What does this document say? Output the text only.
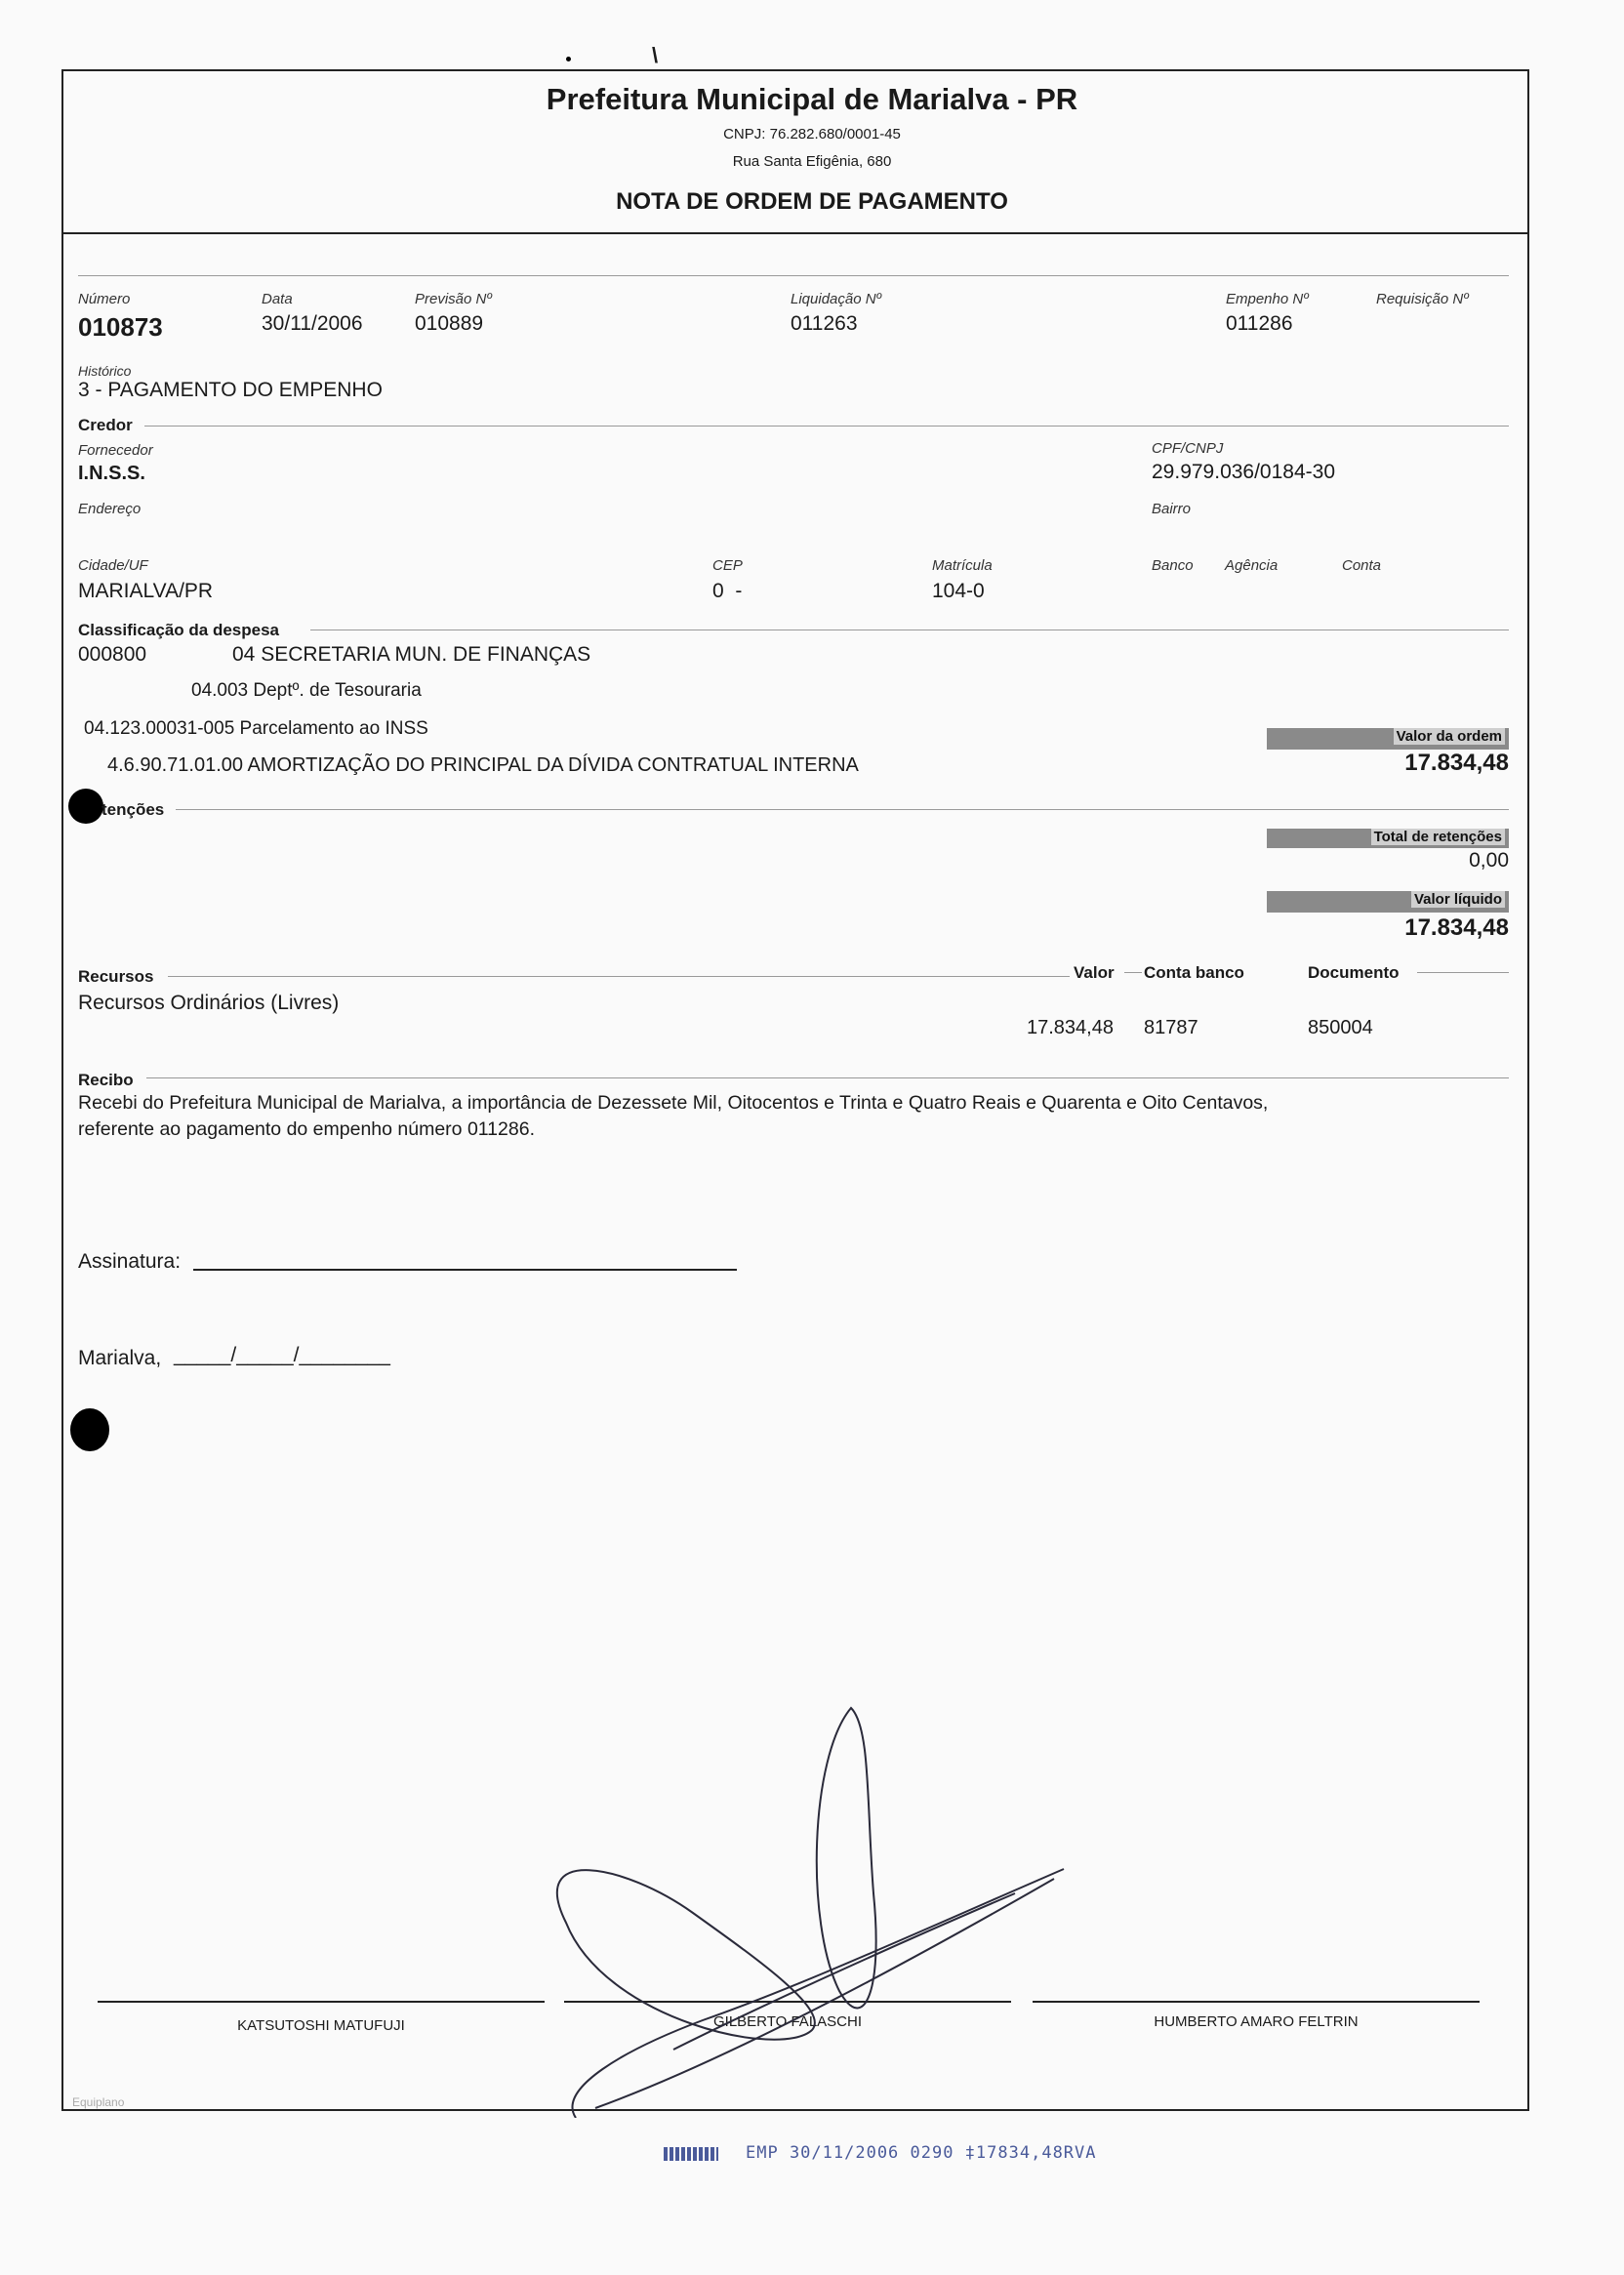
\
Prefeitura Municipal de Marialva - PR
CNPJ: 76.282.680/0001-45
Rua Santa Efigênia, 680
NOTA DE ORDEM DE PAGAMENTO
Número
010873
Data
30/11/2006
Previsão Nº
010889
Liquidação Nº
011263
Empenho Nº
011286
Requisição Nº
Histórico
3 - PAGAMENTO DO EMPENHO
Credor
Fornecedor
I.N.S.S.
CPF/CNPJ
29.979.036/0184-30
Endereço	Bairro
Cidade/UF
MARIALVA/PR
CEP
0  -
Matrícula
104-0
Banco Agência	Conta
Classificação da despesa
000800	04 SECRETARIA MUN. DE FINANÇAS
04.003 Deptº. de Tesouraria
04.123.00031-005 Parcelamento ao INSS
4.6.90.71.01.00 AMORTIZAÇÃO DO PRINCIPAL DA DÍVIDA CONTRATUAL INTERNA
Valor da ordem
17.834,48
tenções
Total de retenções
0,00
Valor líquido
17.834,48
Recursos	Valor Conta banco	Documento
Recursos Ordinários (Livres)
17.834,48 81787	850004
Recibo
Recebi do Prefeitura Municipal de Marialva, a importância de Dezessete Mil, Oitocentos e Trinta e Quatro Reais e Quarenta e Oito Centavos,
referente ao pagamento do empenho número 011286.
Assinatura:
Marialva, _____/_____/________
KATSUTOSHI MATUFUJI	GILBERTO FALASCHI	HUMBERTO AMARO FELTRIN
Equiplano
EMP 30/11/2006 0290 ‡17834,48RVA
